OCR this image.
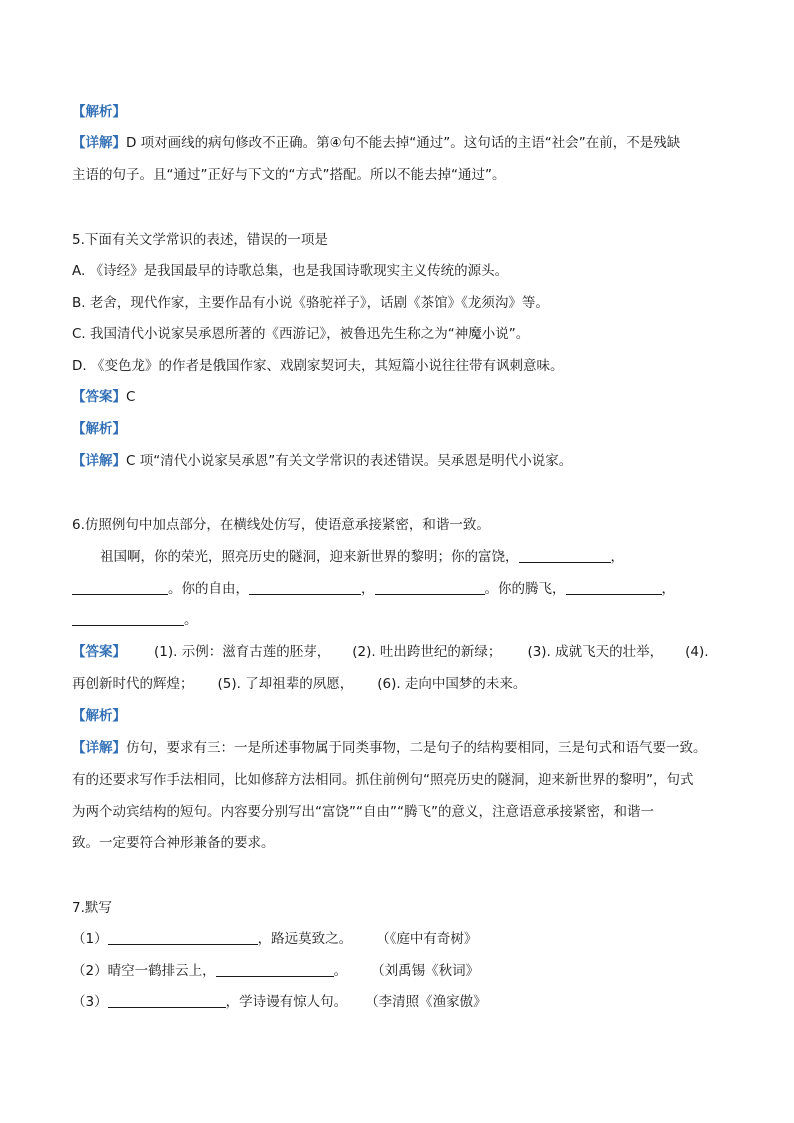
【解析】
【详解】D 项对画线的病句修改不正确。第④句不能去掉“通过”。这句话的主语“社会”在前，不是残缺
主语的句子。且“通过”正好与下文的“方式”搭配。所以不能去掉“通过”。
5.下面有关文学常识的表述，错误的一项是
A. 《诗经》是我国最早的诗歌总集，也是我国诗歌现实主义传统的源头。
B. 老舍，现代作家，主要作品有小说《骆驼祥子》，话剧《茶馆》《龙须沟》等。
C. 我国清代小说家吴承恩所著的《西游记》，被鲁迅先生称之为“神魔小说”。
D. 《变色龙》的作者是俄国作家、戏剧家契诃夫，其短篇小说往往带有讽刺意味。
【答案】C
【解析】
【详解】C 项“清代小说家吴承恩”有关文学常识的表述错误。吴承恩是明代小说家。
6.仿照例句中加点部分，在横线处仿写，使语意承接紧密，和谐一致。
祖国啊，你的荣光，照亮历史的隧洞，迎来新世界的黎明；你的富饶，	，
。你的自由，	，	。你的腾飞，	，
。
【答案】 (1). 示例：滋育古莲的胚芽， (2). 吐出跨世纪的新绿； (3). 成就飞天的壮举， (4).
再创新时代的辉煌； (5). 了却祖辈的夙愿， (6). 走向中国梦的未来。
【解析】
【详解】仿句，要求有三：一是所述事物属于同类事物，二是句子的结构要相同，三是句式和语气要一致。
有的还要求写作手法相同，比如修辞方法相同。抓住前例句“照亮历史的隧洞，迎来新世界的黎明”，句式
为两个动宾结构的短句。内容要分别写出“富饶”“自由”“腾飞”的意义，注意语意承接紧密，和谐一
致。一定要符合神形兼备的要求。
7.默写
（1）	，路远莫致之。 （《庭中有奇树》
（2）晴空一鹤排云上，	。 （刘禹锡《秋词》
（3）	，学诗谩有惊人句。 （李清照《渔家傲》
